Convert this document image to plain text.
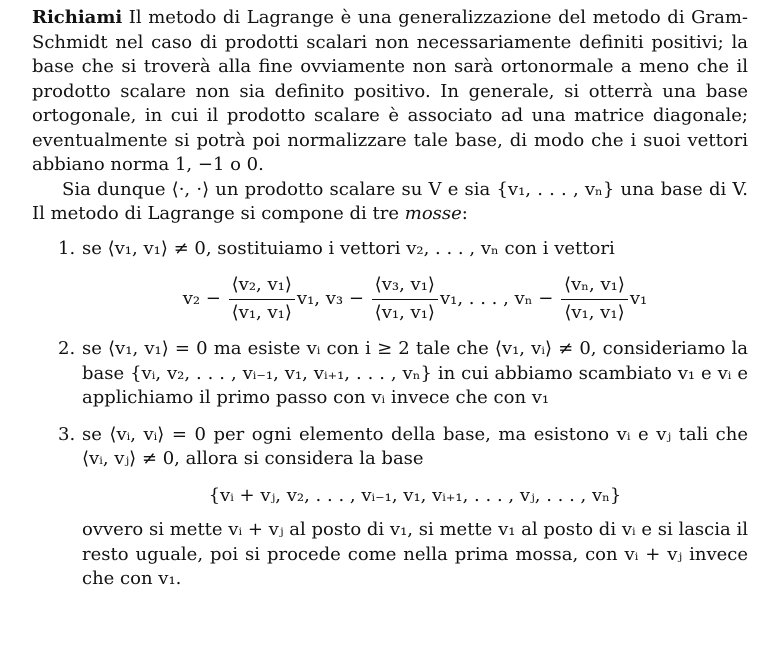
Richiami Il metodo di Lagrange è una generalizzazione del metodo di Gram-Schmidt nel caso di prodotti scalari non necessariamente definiti positivi; la base che si troverà alla fine ovviamente non sarà ortonormale a meno che il prodotto scalare non sia definito positivo. In generale, si otterrà una base ortogonale, in cui il prodotto scalare è associato ad una matrice diagonale; eventualmente si potrà poi normalizzare tale base, di modo che i suoi vettori abbiano norma 1, −1 o 0.

Sia dunque ⟨·, ·⟩ un prodotto scalare su V e sia {v₁, . . . , vₙ} una base di V. Il metodo di Lagrange si compone di tre mosse:

1. se ⟨v₁, v₁⟩ ≠ 0, sostituiamo i vettori v₂, . . . , vₙ con i vettori
$v_2 - \frac{\text{⟨v₂, v₁⟩}}{\text{⟨v₁, v₁⟩}} v_1$, $v_3 - \frac{\text{⟨v₃, v₁⟩}}{\text{⟨v₁, v₁⟩}} v_1$, . . . , $v_n - \frac{\text{⟨vₙ, v₁⟩}}{\text{⟨v₁, v₁⟩}} v_1$
2. se ⟨v₁, v₁⟩ = 0 ma esiste vᵢ con i ≥ 2 tale che ⟨v₁, vᵢ⟩ ≠ 0, consideriamo la base {vᵢ, v₂, . . . , vᵢ₋₁, v₁, vᵢ₊₁, . . . , vₙ} in cui abbiamo scambiato v₁ e vᵢ e applichiamo il primo passo con vᵢ invece che con v₁
3. se ⟨vᵢ, vᵢ⟩ = 0 per ogni elemento della base, ma esistono vᵢ e vⱼ tali che ⟨vᵢ, vⱼ⟩ ≠ 0, allora si considera la base
{vᵢ + vⱼ, v₂, . . . , vᵢ₋₁, v₁, vᵢ₊₁, . . . , vⱼ, . . . , vₙ}
ovvero si mette vᵢ + vⱼ al posto di v₁, si mette v₁ al posto di vᵢ e si lascia il resto uguale, poi si procede come nella prima mossa, con vᵢ + vⱼ invece che con v₁.
